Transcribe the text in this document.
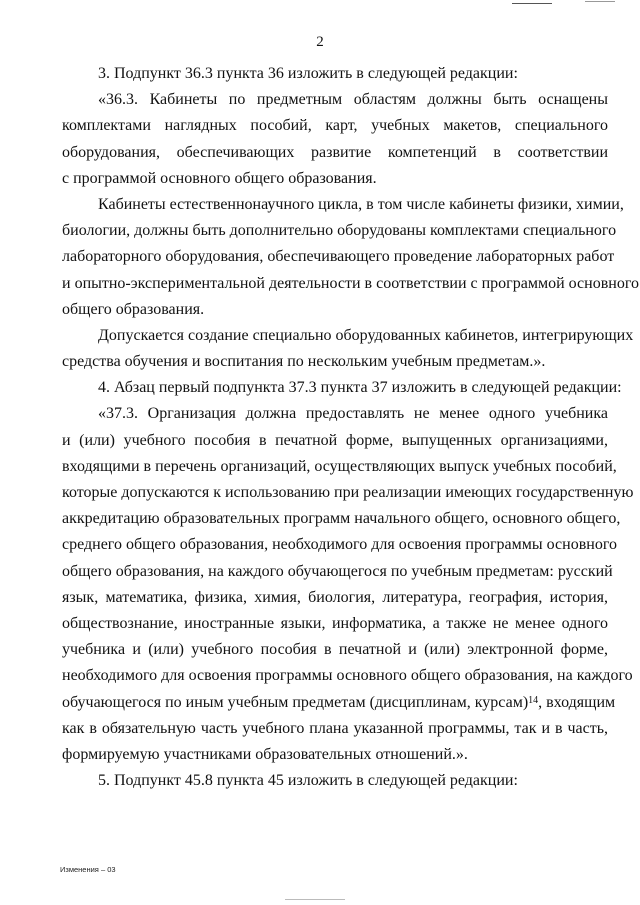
2
3. Подпункт 36.3 пункта 36 изложить в следующей редакции:
«36.3. Кабинеты по предметным областям должны быть оснащены
комплектами наглядных пособий, карт, учебных макетов, специального
оборудования, обеспечивающих развитие компетенций в соответствии
с программой основного общего образования.
Кабинеты естественнонаучного цикла, в том числе кабинеты физики, химии,
биологии, должны быть дополнительно оборудованы комплектами специального
лабораторного оборудования, обеспечивающего проведение лабораторных работ
и опытно-экспериментальной деятельности в соответствии с программой основного
общего образования.
Допускается создание специально оборудованных кабинетов, интегрирующих
средства обучения и воспитания по нескольким учебным предметам.».
4. Абзац первый подпункта 37.3 пункта 37 изложить в следующей редакции:
«37.3. Организация должна предоставлять не менее одного учебника
и (или) учебного пособия в печатной форме, выпущенных организациями,
входящими в перечень организаций, осуществляющих выпуск учебных пособий,
которые допускаются к использованию при реализации имеющих государственную
аккредитацию образовательных программ начального общего, основного общего,
среднего общего образования, необходимого для освоения программы основного
общего образования, на каждого обучающегося по учебным предметам: русский
язык, математика, физика, химия, биология, литература, география, история,
обществознание, иностранные языки, информатика, а также не менее одного
учебника и (или) учебного пособия в печатной и (или) электронной форме,
необходимого для освоения программы основного общего образования, на каждого
обучающегося по иным учебным предметам (дисциплинам, курсам)$^{14}$, входящим
как в обязательную часть учебного плана указанной программы, так и в часть,
формируемую участниками образовательных отношений.».
5. Подпункт 45.8 пункта 45 изложить в следующей редакции:
Изменения – 03
